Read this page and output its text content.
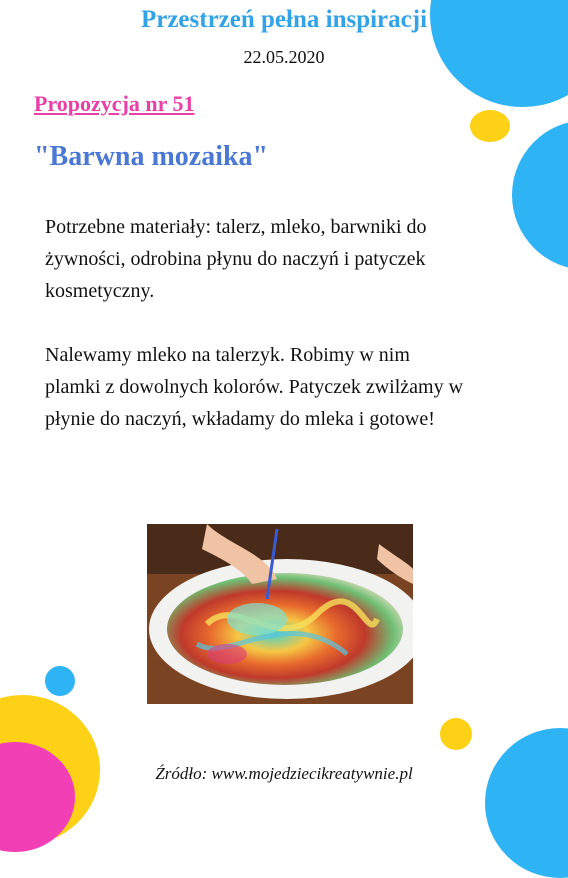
Przestrzeń pełna inspiracji
22.05.2020
Propozycja nr 51
"Barwna mozaika"
Potrzebne materiały: talerz, mleko, barwniki do żywności, odrobina płynu do naczyń i patyczek kosmetyczny.
Nalewamy mleko na talerzyk. Robimy w nim plamki z dowolnych kolorów. Patyczek zwilżamy w płynie do naczyń, wkładamy do mleka i gotowe!
Źródło: www.mojedziecikreatywnie.pl
